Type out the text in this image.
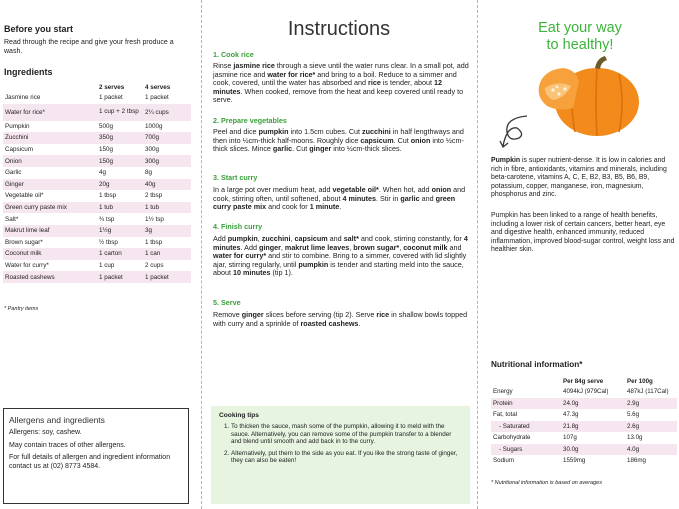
Before you start

Read through the recipe and give your fresh produce a wash.

Ingredients
	2 serves	4 serves
Jasmine rice	1 packet	1 packet
Water for rice*	1 cup + 2 tbsp	2¼ cups
Pumpkin	500g	1000g
Zucchini	350g	700g
Capsicum	150g	300g
Onion	150g	300g
Garlic	4g	8g
Ginger	20g	40g
Vegetable oil*	1 tbsp	2 tbsp
Green curry paste mix	1 tub	1 tub
Salt*	¾ tsp	1½ tsp
Makrut lime leaf	1½g	3g
Brown sugar*	½ tbsp	1 tbsp
Coconut milk	1 carton	1 can
Water for curry*	1 cup	2 cups
Roasted cashews	1 packet	1 packet
* Pantry items
Allergens and ingredients

Allergens: soy, cashew.

May contain traces of other allergens.

For full details of allergen and ingredient information contact us at (02) 8773 4584.

Instructions
1. Cook rice

Rinse jasmine rice through a sieve until the water runs clear. In a small pot, add jasmine rice and water for rice* and bring to a boil. Reduce to a simmer and cook, covered, until the water has absorbed and rice is tender, about 12 minutes. When cooked, remove from the heat and keep covered until ready to serve.

2. Prepare vegetables

Peel and dice pumpkin into 1.5cm cubes. Cut zucchini in half lengthways and then into ½cm-thick half-moons. Roughly dice capsicum. Cut onion into ½cm-thick slices. Mince garlic. Cut ginger into ½cm-thick slices.

3. Start curry

In a large pot over medium heat, add vegetable oil*. When hot, add onion and cook, stirring often, until softened, about 4 minutes. Stir in garlic and green curry paste mix and cook for 1 minute.

4. Finish curry

Add pumpkin, zucchini, capsicum and salt* and cook, stirring constantly, for 4 minutes. Add ginger, makrut lime leaves, brown sugar*, coconut milk and water for curry* and stir to combine. Bring to a simmer, covered with lid slightly ajar, stirring regularly, until pumpkin is tender and starting meld into the sauce, about 10 minutes (tip 1).

5. Serve

Remove ginger slices before serving (tip 2). Serve rice in shallow bowls topped with curry and a sprinkle of roasted cashews.

Cooking tips
1. To thicken the sauce, mash some of the pumpkin, allowing it to meld with the sauce. Alternatively, you can remove some of the pumpkin transfer to a blender and blend until smooth and add back in to the curry.
2. Alternatively, put them to the side as you eat. If you like the strong taste of ginger, they can also be eaten!
Eat your way
to healthy!

Pumpkin is super nutrient-dense. It is low in calories and rich in fibre, antioxidants, vitamins and minerals, including beta-carotene, vitamins A, C, E, B2, B3, B5, B6, B9, potassium, copper, manganese, iron, magnesium, phosphorus and zinc.

Pumpkin has been linked to a range of health benefits, including a lower risk of certain cancers, better heart, eye and digestive health, enhanced immunity, reduced inflammation, improved blood-sugar control, weight loss and healthier skin.

Nutritional information*
	Per 84g serve	Per 100g
Energy	4094kJ (979Cal)	487kJ (117Cal)
Protein	24.0g	2.9g
Fat, total	47.3g	5.6g
- Saturated	21.8g	2.6g
Carbohydrate	107g	13.0g
- Sugars	30.0g	4.0g
Sodium	1559mg	186mg
* Nutritional information is based on averages
